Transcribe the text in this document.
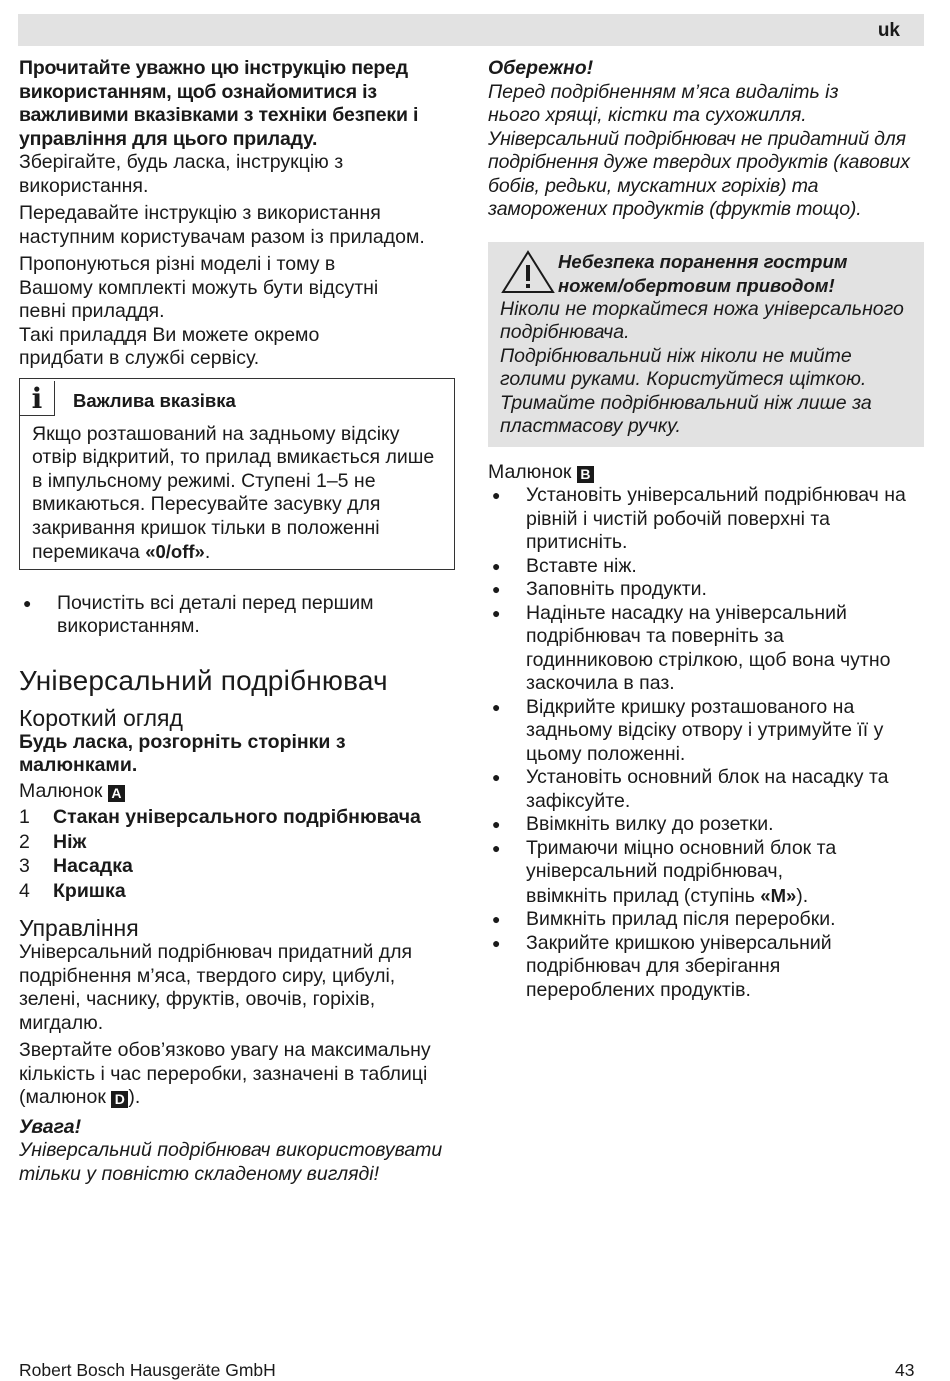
uk

Прочитайте уважно цю інструкцію перед використанням, щоб ознайомитися із важливими вказівками з техніки безпеки і управління для цього приладу.

Зберігайте, будь ласка, інструкцію з використання.

Передавайте інструкцію з використання наступним користувачам разом із приладом.

Пропонуються різні моделі і тому в Вашому комплекті можуть бути відсутні певні приладдя.

Такі приладдя Ви можете окремо придбати в службі сервісу.

i	Важлива вказівка

Якщо розташований на задньому відсіку отвір відкритий, то прилад вмикається лише в імпульсному режимі. Ступені 1–5 не вмикаються. Пересувайте засувку для закривання кришок тільки в положенні перемикача «0/off».

●	Почистіть всі деталі перед першим використанням.
Універсальний подрібнювач
Короткий огляд

Будь ласка, розгорніть сторінки з малюнками.

Малюнок A

1	Стакан універсального подрібнювача
2	Ніж
3	Насадка
4	Кришка
Управління

Універсальний подрібнювач придатний для подрібнення м’яса, твердого сиру, цибулі, зелені, часнику, фруктів, овочів, горіхів, мигдалю.

Звертайте обов’язково увагу на максимальну кількість і час переробки, зазначені в таблиці (малюнок D ).

Увага!

Універсальний подрібнювач використовувати тільки у повністю складеному вигляді!

Обережно!

Перед подрібненням м’яса видаліть із нього хрящі, кістки та сухожилля.

Універсальний подрібнювач не придатний для подрібнення дуже твердих продуктів (кавових бобів, редьки, мускатних горіхів) та заморожених продуктів (фруктів тощо).

Небезпека поранення гострим ножем/обертовим приводом!

Ніколи не торкайтеся ножа універсального подрібнювача.

Подрібнювальний ніж ніколи не мийте голими руками. Користуйтеся щіткою.

Тримайте подрібнювальний ніж лише за пластмасову ручку.

Малюнок B

●	Установіть універсальний подрібнювач на рівній і чистій робочій поверхні та притисніть.
●	Вставте ніж.
●	Заповніть продукти.
●	Надіньте насадку на універсальний подрібнювач та поверніть за годинниковою стрілкою, щоб вона чутно заскочила в паз.
●	Відкрийте кришку розташованого на задньому відсіку отвору і утримуйте її у цьому положенні.
●	Установіть основний блок на насадку та зафіксуйте.
●	Ввімкніть вилку до розетки.
●	Тримаючи міцно основний блок та універсальний подрібнювач, ввімкніть прилад (ступінь «M»).
●	Вимкніть прилад після переробки.
●	Закрийте кришкою універсальний подрібнювач для зберігання перероблених продуктів.
Robert Bosch Hausgeräte GmbH	43
